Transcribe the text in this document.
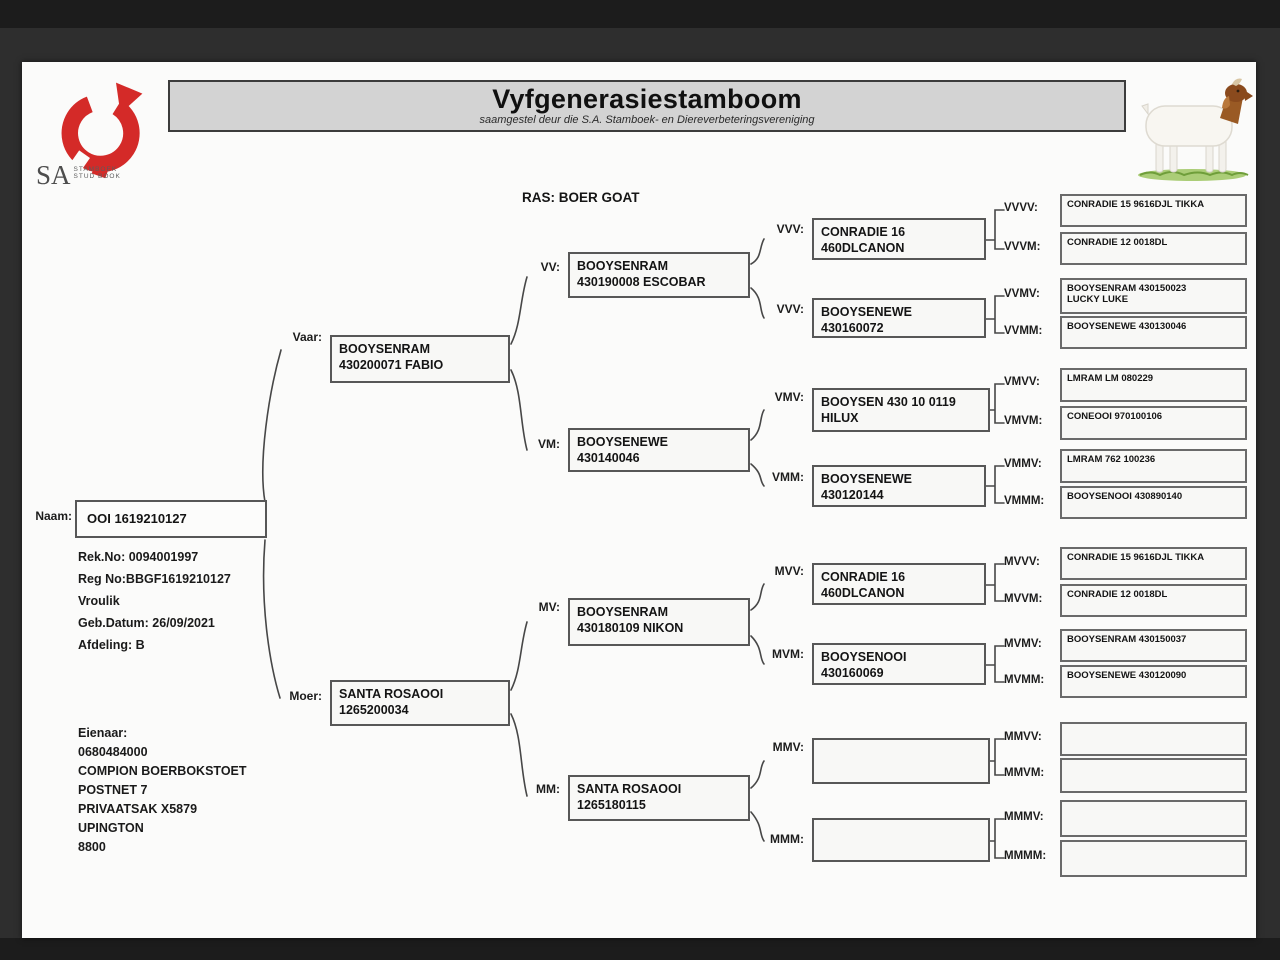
SA STAMBOEK
STUD BOOK
Vyfgenerasiestamboom
saamgestel deur die S.A. Stamboek- en Diereverbeteringsvereniging
RAS: BOER GOAT
Naam:	OOI 1619210127
Rek.No: 0094001997
Reg No:BBGF1619210127
Vroulik
Geb.Datum: 26/09/2021
Afdeling: B
Eienaar:
0680484000
COMPION BOERBOKSTOET
POSTNET 7
PRIVAATSAK X5879
UPINGTON
8800
Vaar:
BOOYSENRAM
430200071 FABIO
Moer: SANTA ROSAOOI
1265200034
VV: BOOYSENRAM
430190008 ESCOBAR
VM: BOOYSENEWE
430140046
MV: BOOYSENRAM
430180109 NIKON
MM: SANTA ROSAOOI
1265180115
VVV: CONRADIE 16
460DLCANON
VVV: BOOYSENEWE
430160072
VMV: BOOYSEN 430 10 0119
HILUX
VMM: BOOYSENEWE
430120144
MVV: CONRADIE 16
460DLCANON
MVM: BOOYSENOOI
430160069
MMV:
MMM:
VVVV:	CONRADIE 15 9616DJL TIKKA
VVVM:	CONRADIE 12 0018DL
VVMV:	BOOYSENRAM 430150023
LUCKY LUKE
VVMM:	BOOYSENEWE 430130046
VMVV:	LMRAM LM 080229
VMVM:	CONEOOI 970100106
VMMV:	LMRAM 762 100236
VMMM:	BOOYSENOOI 430890140
MVVV:	CONRADIE 15 9616DJL TIKKA
MVVM:	CONRADIE 12 0018DL
MVMV:	BOOYSENRAM 430150037
MVMM:	BOOYSENEWE 430120090
MMVV:
MMVM:
MMMV:
MMMM:
